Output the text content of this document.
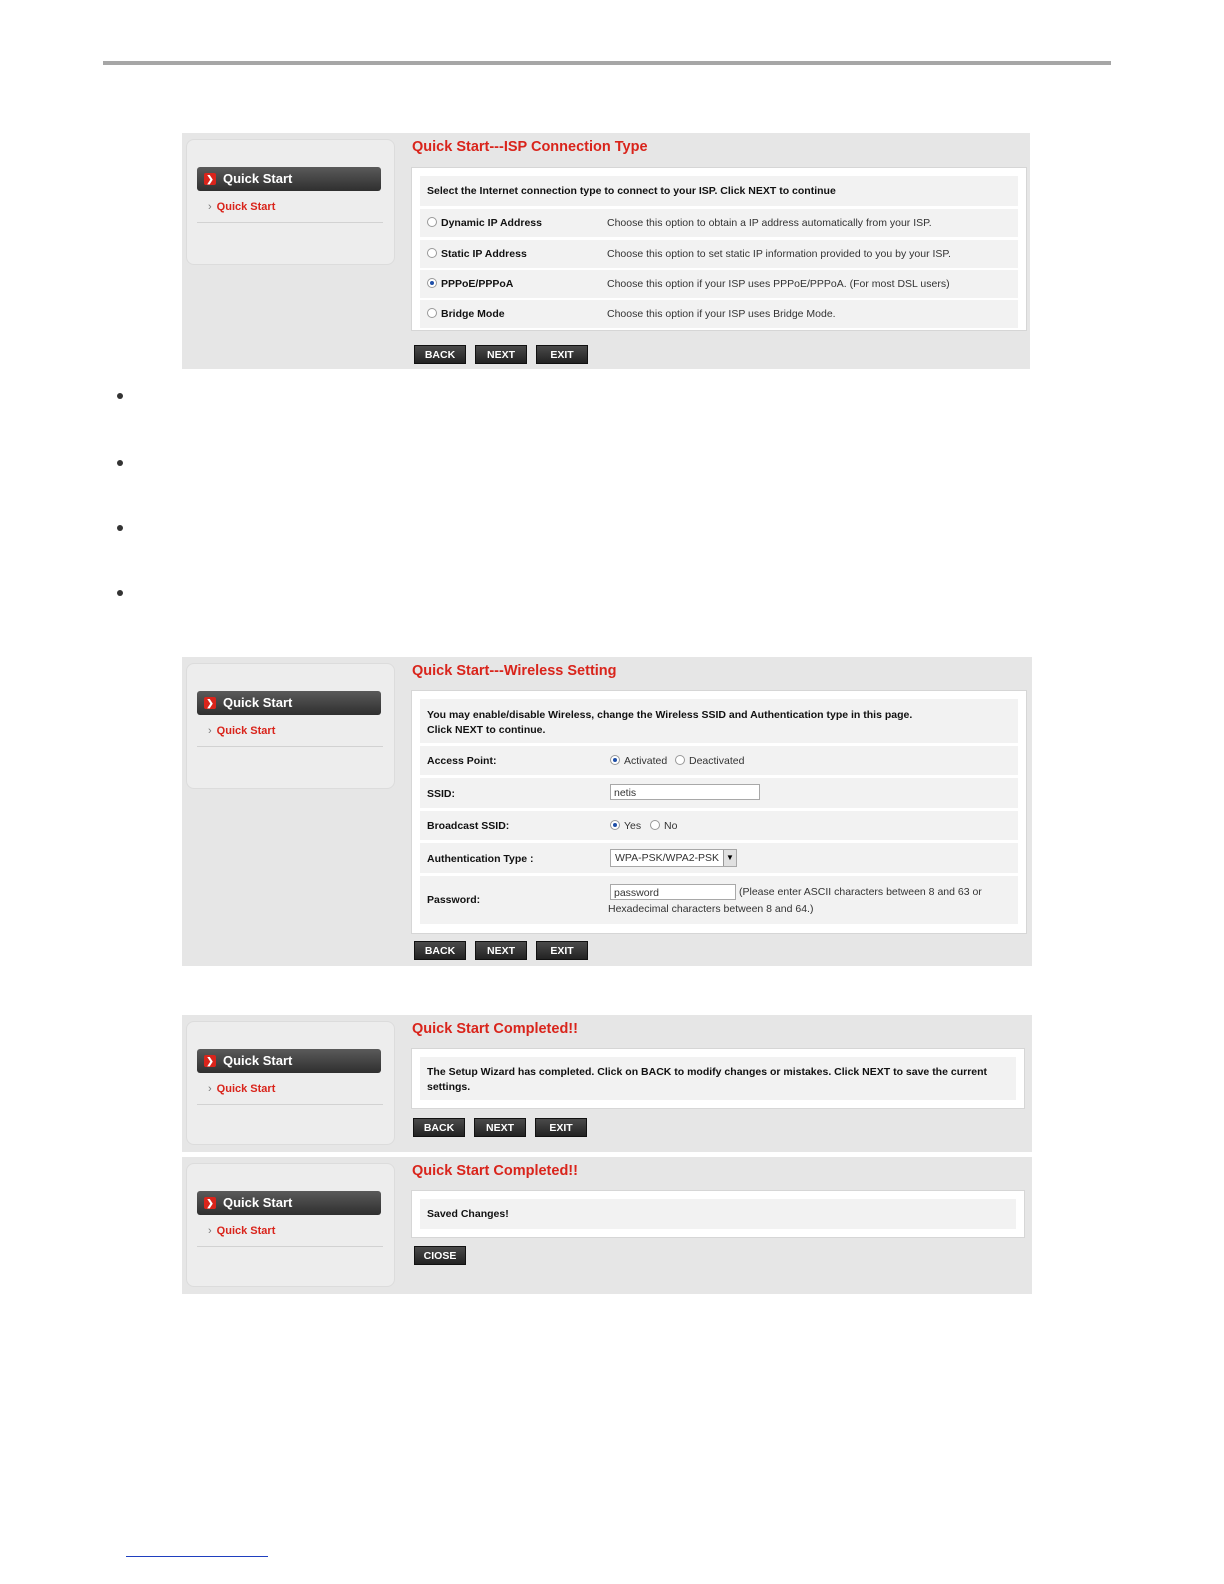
❯ Quick Start
› Quick Start
Quick Start---ISP Connection Type
Select the Internet connection type to connect to your ISP. Click NEXT to continue
Dynamic IP Address	Choose this option to obtain a IP address automatically from your ISP.
Static IP Address	Choose this option to set static IP information provided to you by your ISP.
PPPoE/PPPoA	Choose this option if your ISP uses PPPoE/PPPoA. (For most DSL users)
Bridge Mode	Choose this option if your ISP uses Bridge Mode.
BACK	NEXT	EXIT
❯ Quick Start
› Quick Start
Quick Start---Wireless Setting
You may enable/disable Wireless, change the Wireless SSID and Authentication type in this page.
Click NEXT to continue.
Access Point:	Activated	Deactivated
SSID:	netis
Broadcast SSID:	Yes	No
Authentication Type :	WPA-PSK/WPA2-PSK ▼
Password:
password	(Please enter ASCII characters between 8 and 63 or
Hexadecimal characters between 8 and 64.)
BACK	NEXT	EXIT
❯ Quick Start
› Quick Start
Quick Start Completed!!
The Setup Wizard has completed. Click on BACK to modify changes or mistakes. Click NEXT to save the current
settings.
BACK	NEXT	EXIT
❯ Quick Start
› Quick Start
Quick Start Completed!!
Saved Changes!
CIOSE
